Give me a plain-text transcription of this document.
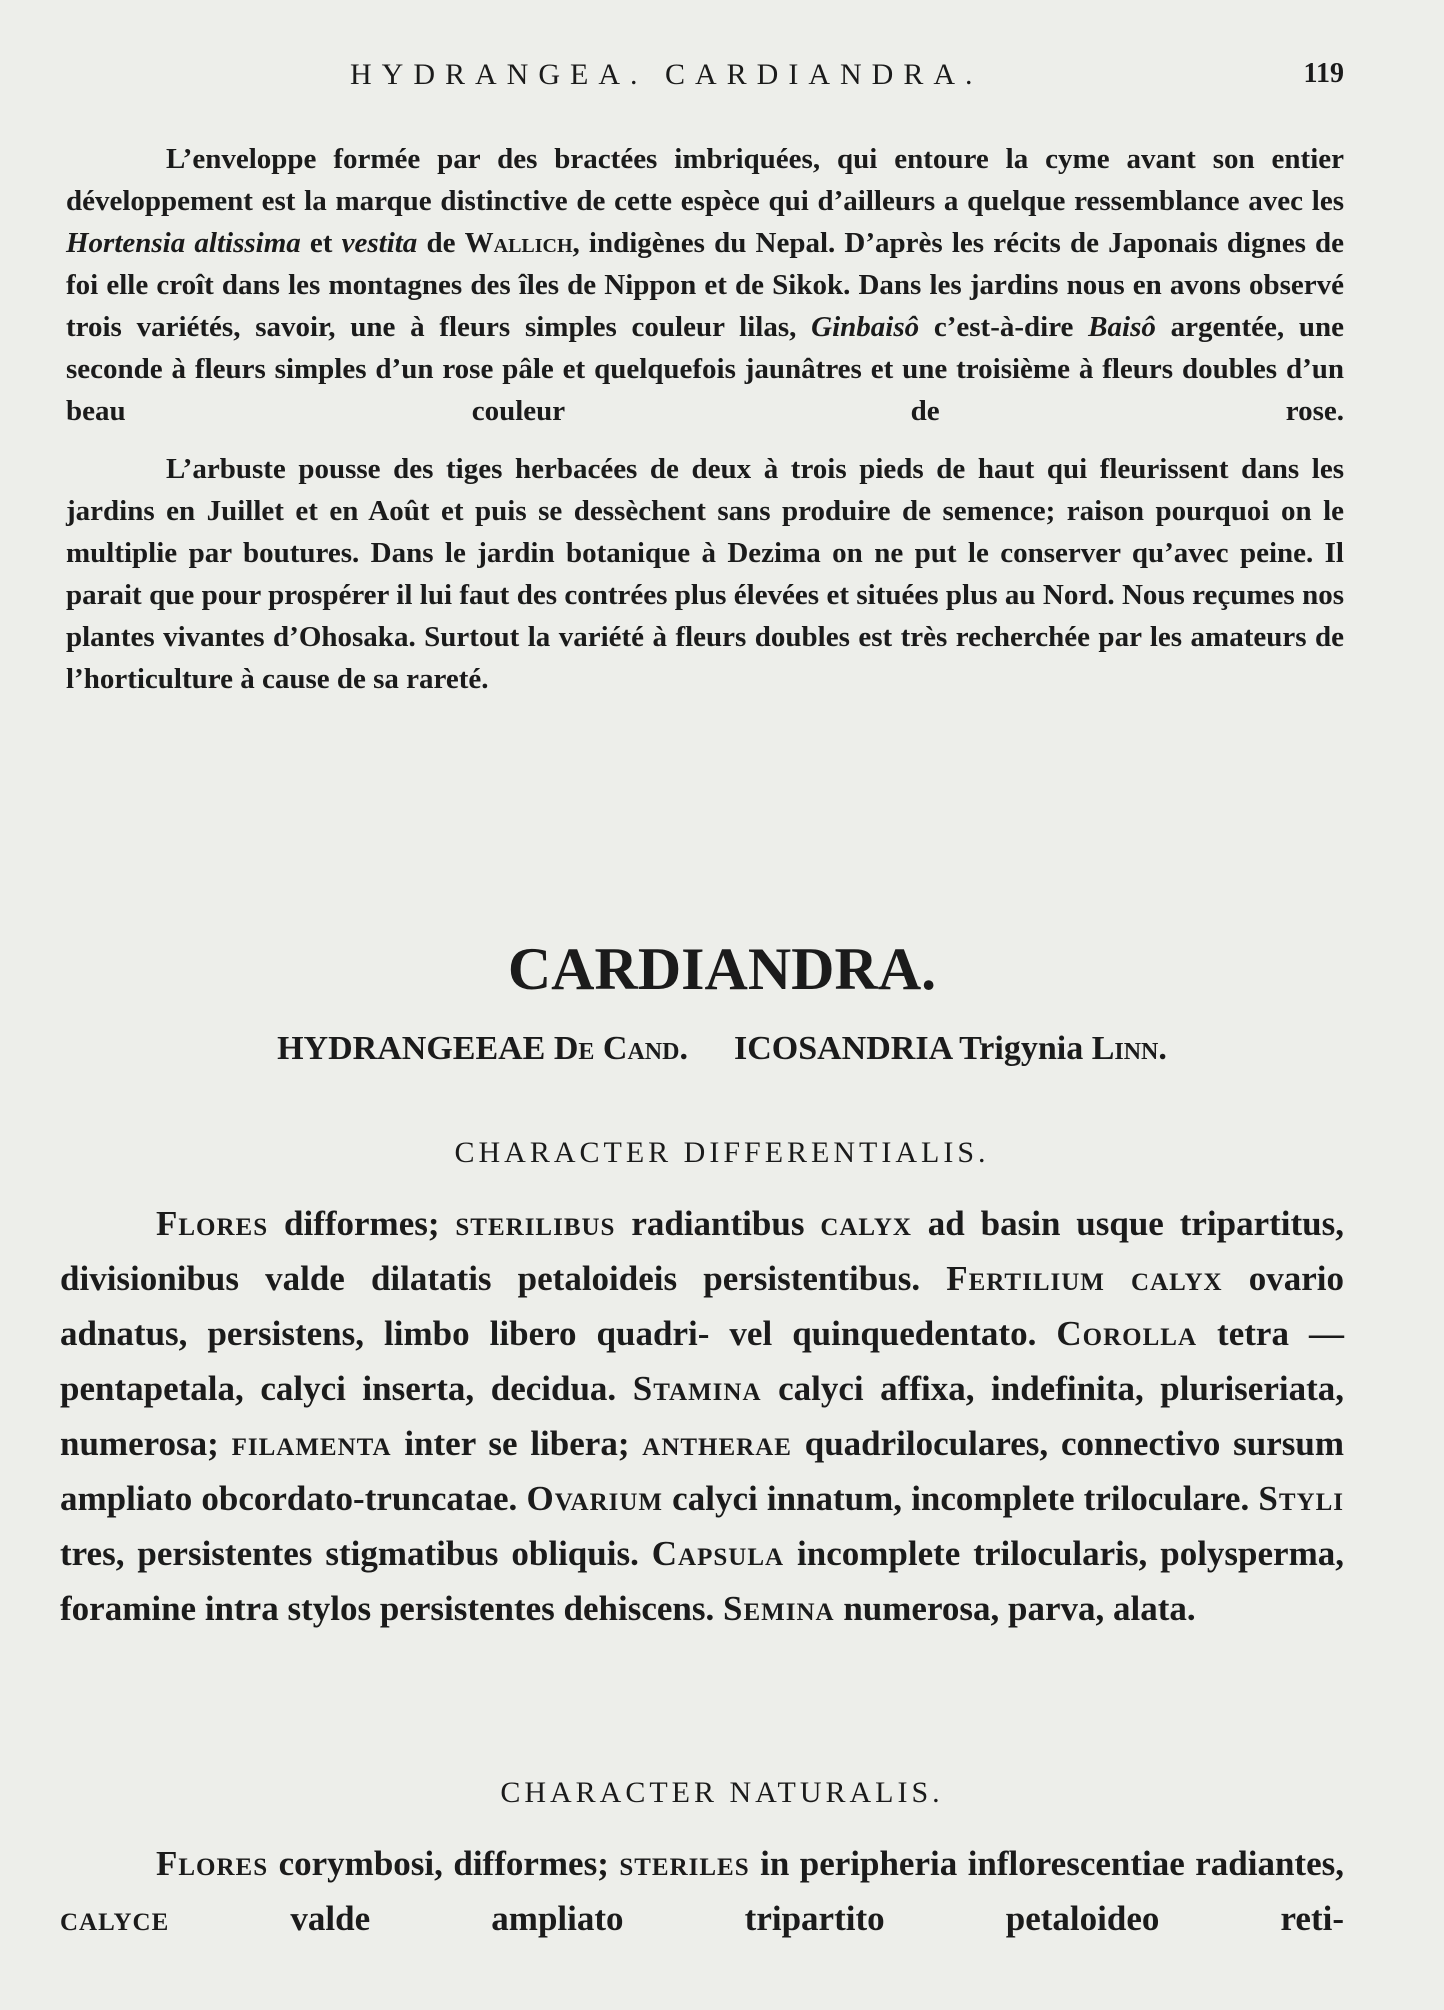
HYDRANGEA. CARDIANDRA.	119

L’enveloppe formée par des bractées imbriquées, qui entoure la cyme avant son entier développement est la marque distinctive de cette espèce qui d’ailleurs a quelque ressemblance avec les Hortensia altissima et vestita de Wallich, indigènes du Nepal. D’après les récits de Japonais dignes de foi elle croît dans les montagnes des îles de Nippon et de Sikok. Dans les jardins nous en avons observé trois variétés, savoir, une à fleurs simples couleur lilas, Ginbaisô c’est-à-dire Baisô argentée, une seconde à fleurs simples d’un rose pâle et quelquefois jaunâtres et une troisième à fleurs doubles d’un beau couleur de rose.

L’arbuste pousse des tiges herbacées de deux à trois pieds de haut qui fleurissent dans les jardins en Juillet et en Août et puis se dessèchent sans produire de semence; raison pourquoi on le multiplie par boutures. Dans le jardin botanique à Dezima on ne put le conserver qu’avec peine. Il parait que pour prospérer il lui faut des contrées plus élevées et situées plus au Nord. Nous reçumes nos plantes vivantes d’Ohosaka. Surtout la variété à fleurs doubles est très recherchée par les amateurs de l’horticulture à cause de sa rareté.

CARDIANDRA.
HYDRANGEEAE De Cand. ICOSANDRIA Trigynia Linn.
CHARACTER DIFFERENTIALIS.

Flores difformes; sterilibus radiantibus calyx ad basin usque tripartitus, divisionibus valde dilatatis petaloideis persistentibus. Fertilium calyx ovario adnatus, persistens, limbo libero quadri- vel quinquedentato. Corolla tetra — pentapetala, calyci inserta, decidua. Stamina calyci affixa, indefinita, pluriseriata, numerosa; filamenta inter se libera; antherae quadriloculares, connectivo sursum ampliato obcordato-truncatae. Ovarium calyci innatum, incomplete triloculare. Styli tres, persistentes stigmatibus obliquis. Capsula incomplete trilocularis, polysperma, foramine intra stylos persistentes dehiscens. Semina numerosa, parva, alata.

CHARACTER NATURALIS.

Flores corymbosi, difformes; steriles in peripheria inflorescentiae radiantes, calyce valde ampliato tripartito petaloideo reti-
